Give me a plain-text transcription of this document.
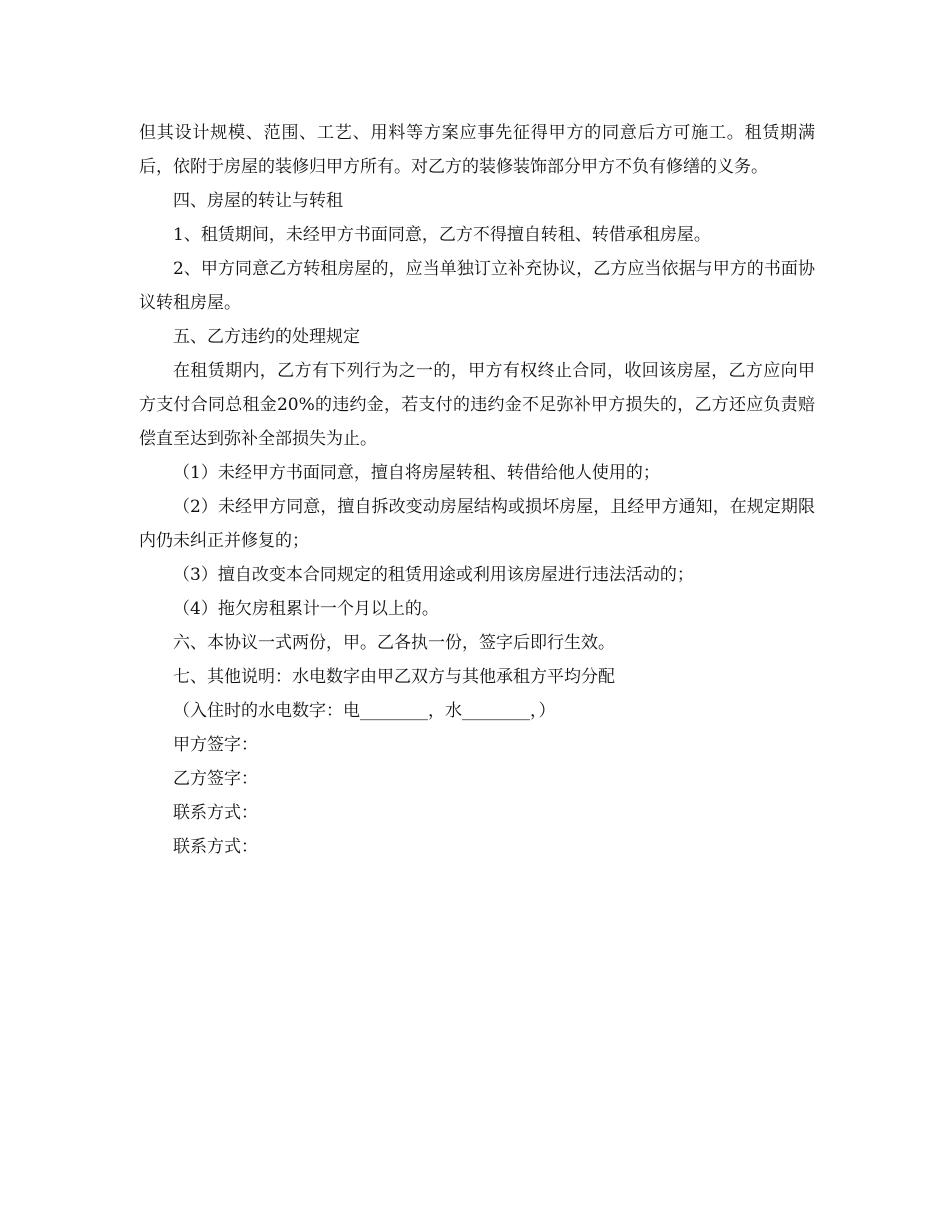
但其设计规模、范围、工艺、用料等方案应事先征得甲方的同意后方可施工。租赁期满后，依附于房屋的装修归甲方所有。对乙方的装修装饰部分甲方不负有修缮的义务。

四、房屋的转让与转租

1、租赁期间，未经甲方书面同意，乙方不得擅自转租、转借承租房屋。

2、甲方同意乙方转租房屋的，应当单独订立补充协议，乙方应当依据与甲方的书面协议转租房屋。

五、乙方违约的处理规定

在租赁期内，乙方有下列行为之一的，甲方有权终止合同，收回该房屋，乙方应向甲方支付合同总租金20%的违约金，若支付的违约金不足弥补甲方损失的，乙方还应负责赔偿直至达到弥补全部损失为止。

（1）未经甲方书面同意，擅自将房屋转租、转借给他人使用的；

（2）未经甲方同意，擅自拆改变动房屋结构或损坏房屋，且经甲方通知，在规定期限内仍未纠正并修复的；

（3）擅自改变本合同规定的租赁用途或利用该房屋进行违法活动的；

（4）拖欠房租累计一个月以上的。

六、本协议一式两份，甲。乙各执一份，签字后即行生效。

七、其他说明：水电数字由甲乙双方与其他承租方平均分配

（入住时的水电数字：电________，水________，）

甲方签字：

乙方签字：

联系方式：

联系方式：
